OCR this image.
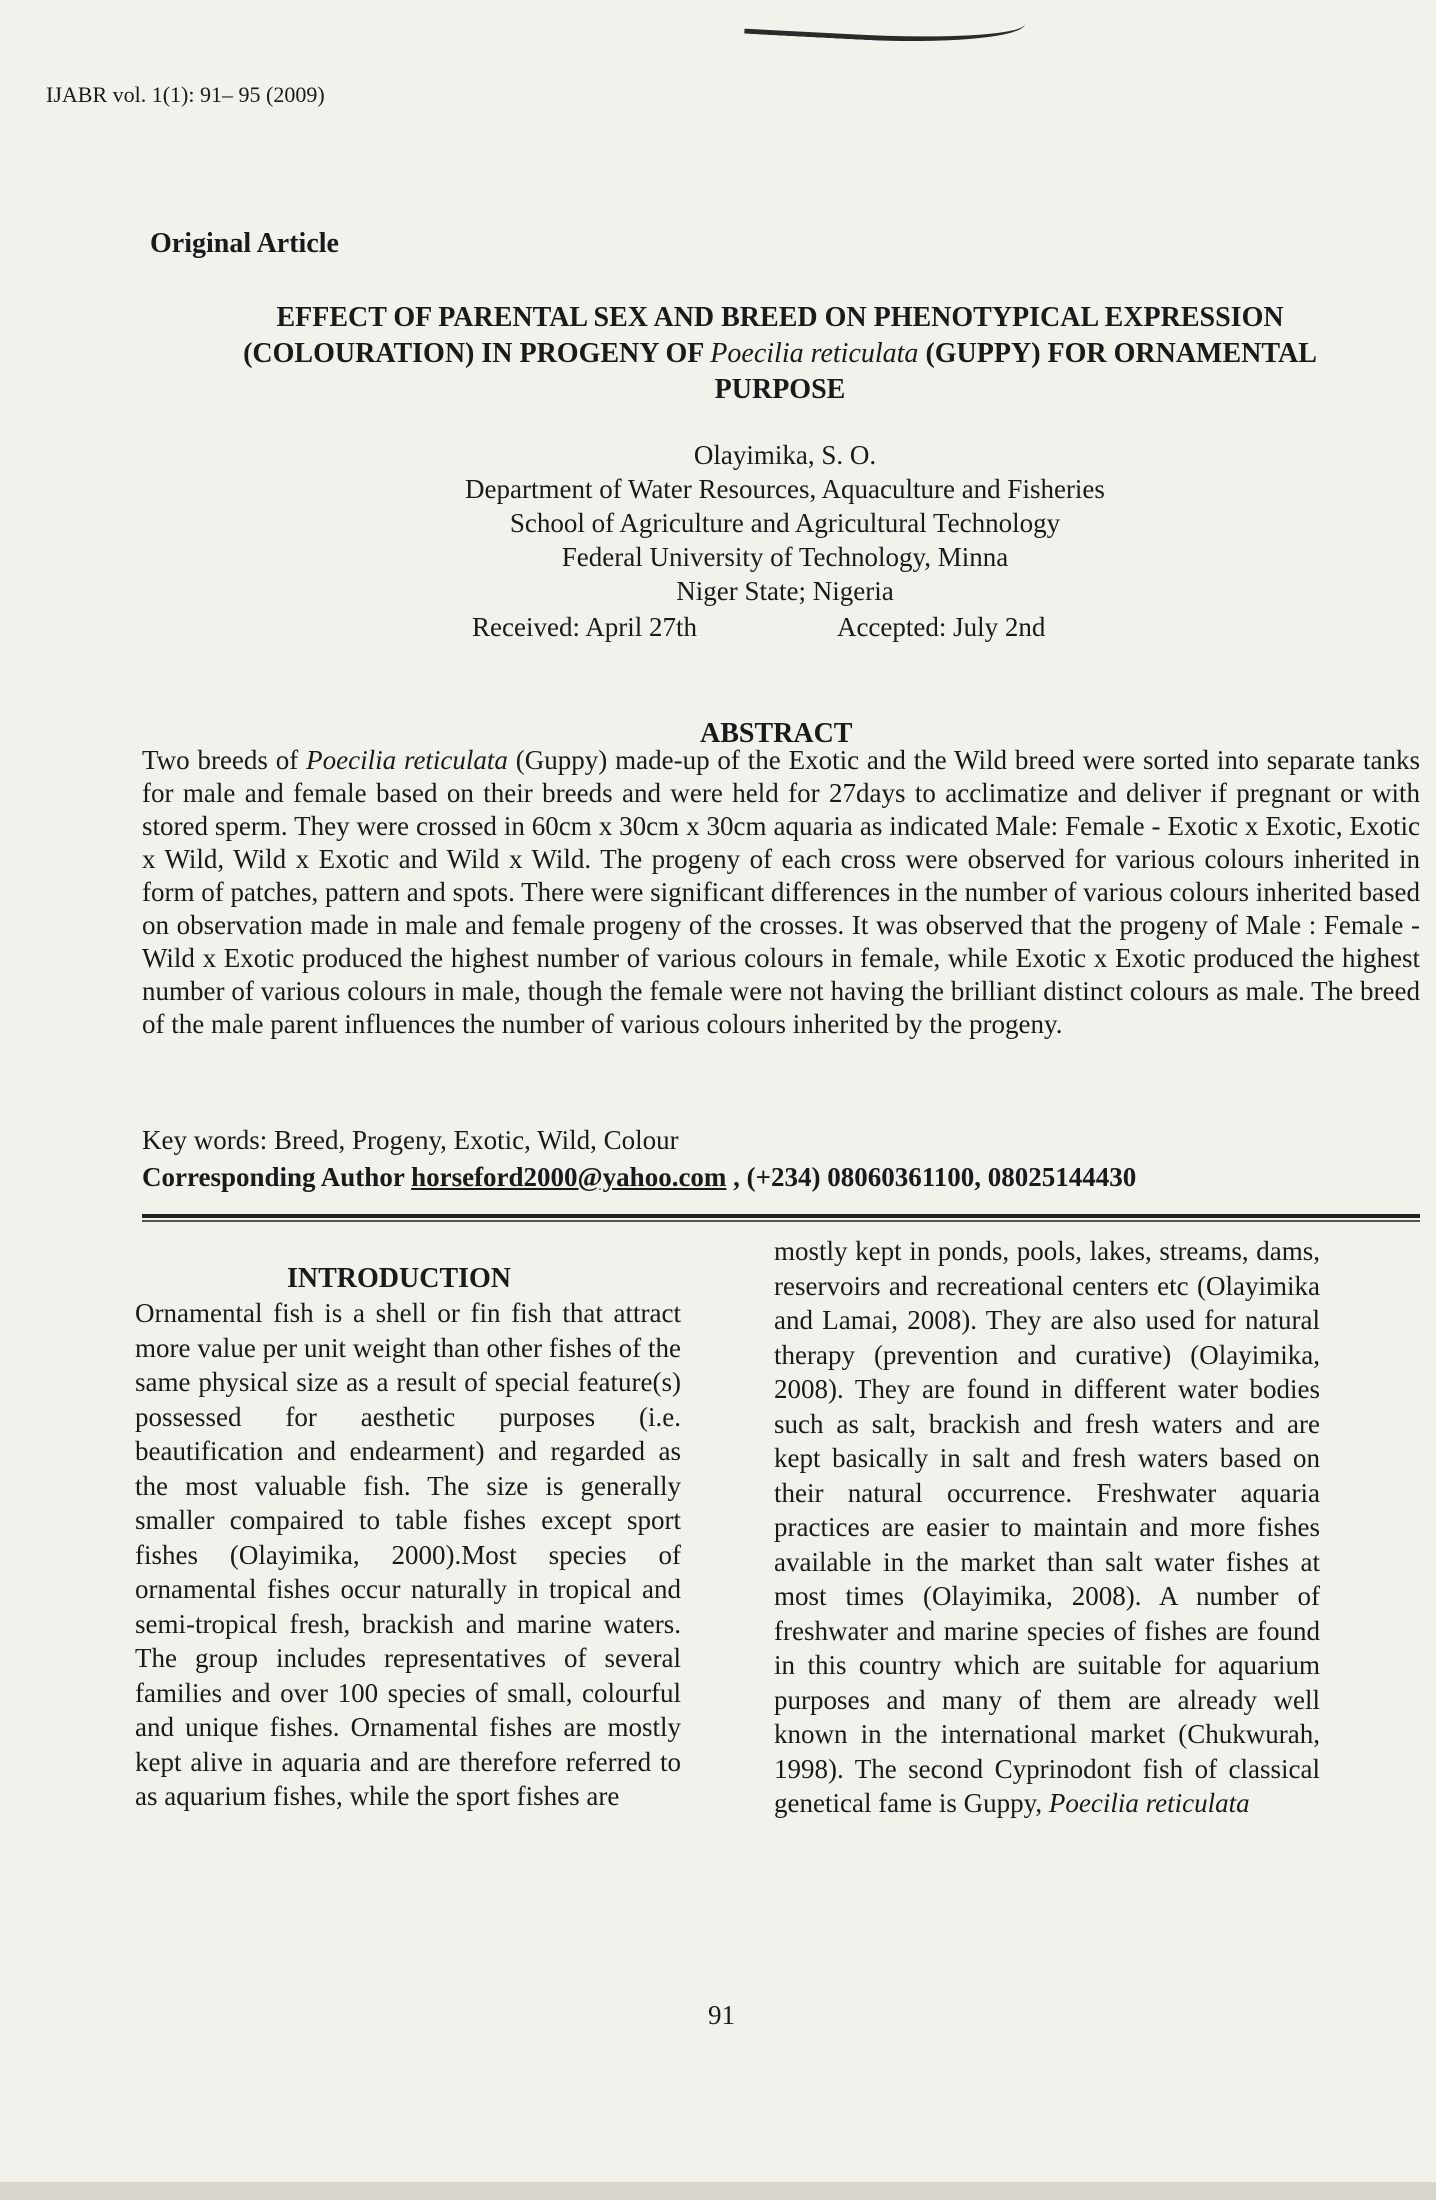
IJABR vol. 1(1): 91– 95 (2009)
Original Article
EFFECT OF PARENTAL SEX AND BREED ON PHENOTYPICAL EXPRESSION (COLOURATION) IN PROGENY OF Poecilia reticulata (GUPPY) FOR ORNAMENTAL PURPOSE
Olayimika, S. O.
Department of Water Resources, Aquaculture and Fisheries
School of Agriculture and Agricultural Technology
Federal University of Technology, Minna
Niger State; Nigeria
Received: April 27th	Accepted: July 2nd
ABSTRACT
Two breeds of Poecilia reticulata (Guppy) made-up of the Exotic and the Wild breed were sorted into separate tanks for male and female based on their breeds and were held for 27days to acclimatize and deliver if pregnant or with stored sperm. They were crossed in 60cm x 30cm x 30cm aquaria as indicated Male: Female - Exotic x Exotic, Exotic x Wild, Wild x Exotic and Wild x Wild. The progeny of each cross were observed for various colours inherited in form of patches, pattern and spots. There were significant differences in the number of various colours inherited based on observation made in male and female progeny of the crosses. It was observed that the progeny of Male : Female - Wild x Exotic produced the highest number of various colours in female, while Exotic x Exotic produced the highest number of various colours in male, though the female were not having the brilliant distinct colours as male. The breed of the male parent influences the number of various colours inherited by the progeny.
Key words: Breed, Progeny, Exotic, Wild, Colour
Corresponding Author horseford2000@yahoo.com , (+234) 08060361100, 08025144430
INTRODUCTION
Ornamental fish is a shell or fin fish that attract more value per unit weight than other fishes of the same physical size as a result of special feature(s) possessed for aesthetic purposes (i.e. beautification and endearment) and regarded as the most valuable fish. The size is generally smaller compaired to table fishes except sport fishes (Olayimika, 2000).Most species of ornamental fishes occur naturally in tropical and semi-tropical fresh, brackish and marine waters. The group includes representatives of several families and over 100 species of small, colourful and unique fishes. Ornamental fishes are mostly kept alive in aquaria and are therefore referred to as aquarium fishes, while the sport fishes are
mostly kept in ponds, pools, lakes, streams, dams, reservoirs and recreational centers etc (Olayimika and Lamai, 2008). They are also used for natural therapy (prevention and curative) (Olayimika, 2008). They are found in different water bodies such as salt, brackish and fresh waters and are kept basically in salt and fresh waters based on their natural occurrence. Freshwater aquaria practices are easier to maintain and more fishes available in the market than salt water fishes at most times (Olayimika, 2008). A number of freshwater and marine species of fishes are found in this country which are suitable for aquarium purposes and many of them are already well known in the international market (Chukwurah, 1998). The second Cyprinodont fish of classical genetical fame is Guppy, Poecilia reticulata
91
